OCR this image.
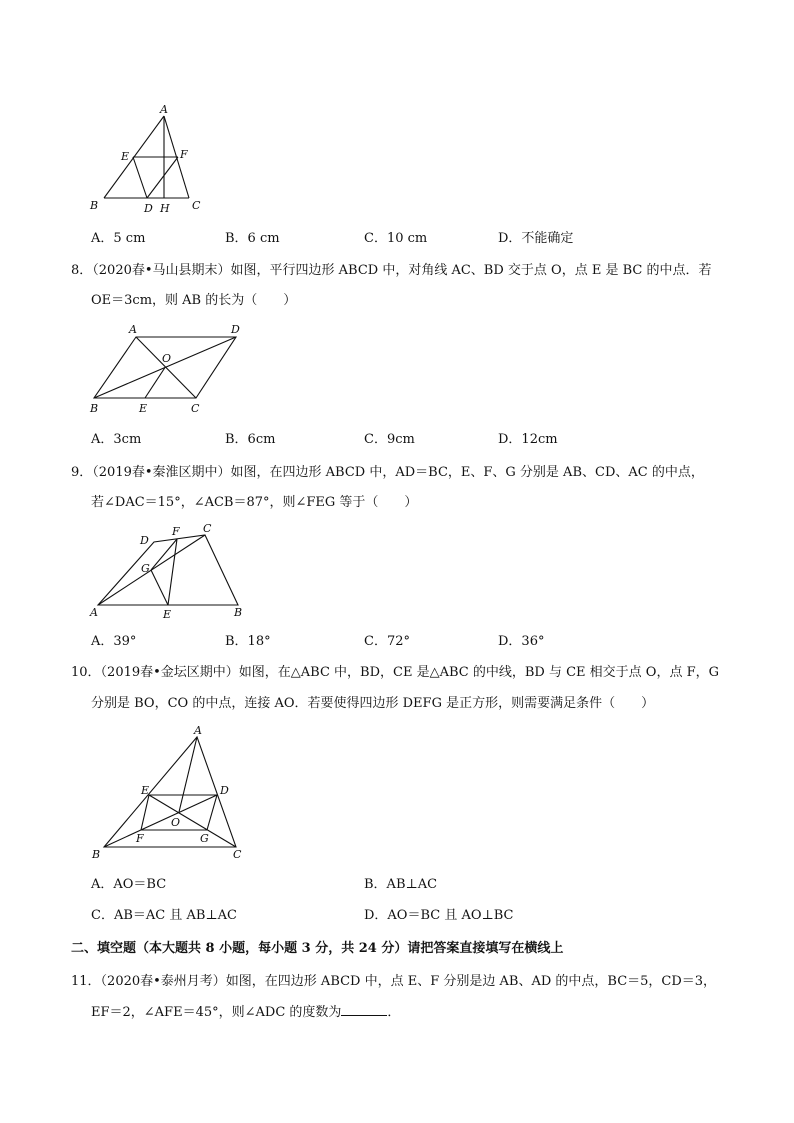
A
E	F
B	D H C
A．5 cm	B．6 cm	C．10 cm	D．不能确定
8．（2020春•马山县期末）如图，平行四边形 ABCD 中，对角线 AC、BD 交于点 O，点 E 是 BC 的中点．若
OE＝3cm，则 AB 的长为（　　）
A	D
O
B	E	C
A．3cm	B．6cm	C．9cm	D．12cm
9．（2019春•秦淮区期中）如图，在四边形 ABCD 中，AD＝BC，E、F、G 分别是 AB、CD、AC 的中点，
若∠DAC＝15°，∠ACB＝87°，则∠FEG 等于（　　）
D
F C
G
A	E	B
A．39°	B．18°	C．72°	D．36°
10．（2019春•金坛区期中）如图，在△ABC 中，BD，CE 是△ABC 的中线，BD 与 CE 相交于点 O，点 F，G
分别是 BO，CO 的中点，连接 AO．若要使得四边形 DEFG 是正方形，则需要满足条件（　　）
A
E	D
O
F	G
B	C
A．AO＝BC	B．AB⊥AC
C．AB＝AC 且 AB⊥AC	D．AO＝BC 且 AO⊥BC
二、填空题（本大题共 8 小题，每小题 3 分，共 24 分）请把答案直接填写在横线上
11．（2020春•泰州月考）如图，在四边形 ABCD 中，点 E、F 分别是边 AB、AD 的中点，BC＝5，CD＝3，
EF＝2，∠AFE＝45°，则∠ADC 的度数为	．
